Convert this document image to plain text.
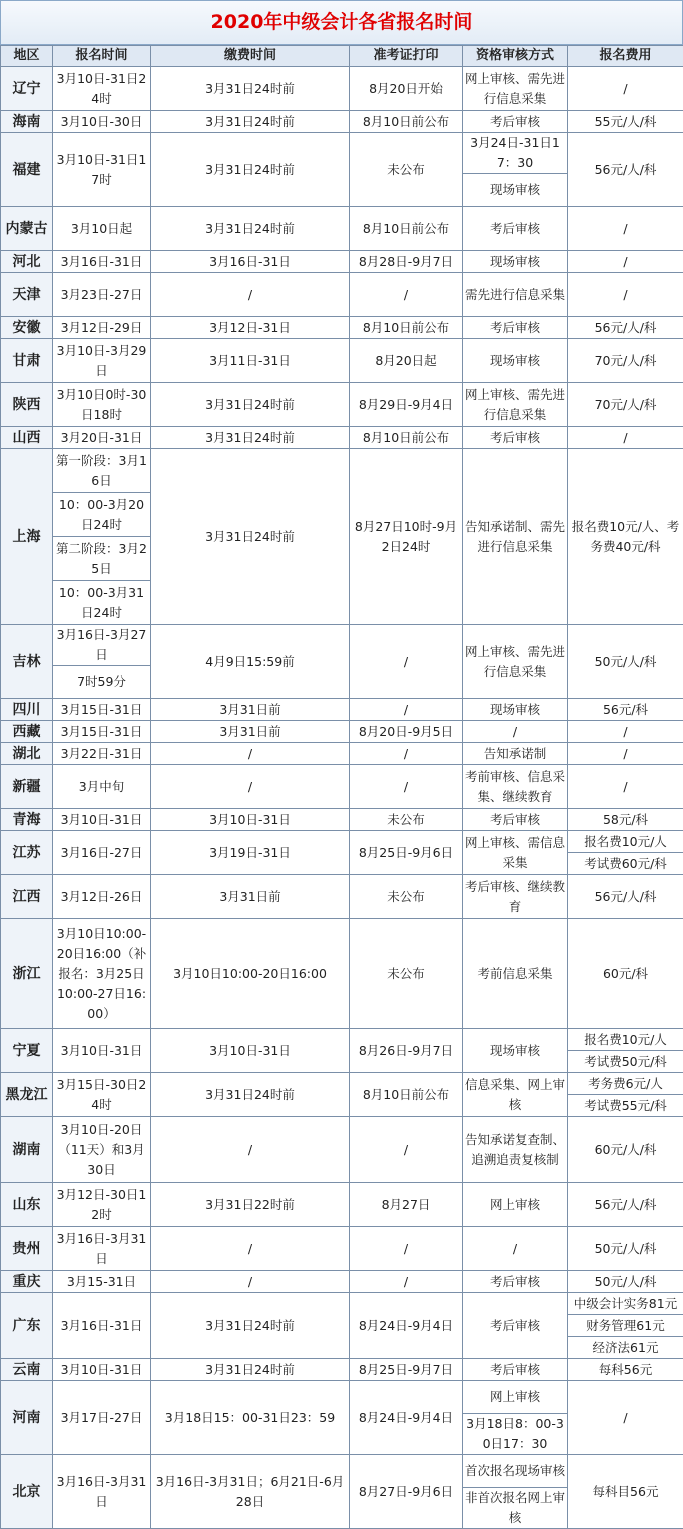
2020年中级会计各省报名时间
地区	报名时间	缴费时间	准考证打印	资格审核方式	报名费用
辽宁	3月10日-31日24时	3月31日24时前	8月20日开始	网上审核、需先进行信息采集	/
海南	3月10日-30日	3月31日24时前	8月10日前公布	考后审核	55元/人/科
福建	3月10日-31日17时	3月31日24时前	未公布	3月24日-31日17：30	56元/人/科
				现场审核	
内蒙古	3月10日起	3月31日24时前	8月10日前公布	考后审核	/
河北	3月16日-31日	3月16日-31日	8月28日-9月7日	现场审核	/
天津	3月23日-27日	/	/	需先进行信息采集	/
安徽	3月12日-29日	3月12日-31日	8月10日前公布	考后审核	56元/人/科
甘肃	3月10日-3月29日	3月11日-31日	8月20日起	现场审核	70元/人/科
陕西	3月10日0时-30日18时	3月31日24时前	8月29日-9月4日	网上审核、需先进行信息采集	70元/人/科
山西	3月20日-31日	3月31日24时前	8月10日前公布	考后审核	/
上海	第一阶段：3月16日	3月31日24时前	8月27日10时-9月2日24时	告知承诺制、需先进行信息采集	报名费10元/人、考务费40元/科
	10：00-3月20日24时				
	第二阶段：3月25日				
	10：00-3月31日24时				
吉林	3月16日-3月27日	4月9日15:59前	/	网上审核、需先进行信息采集	50元/人/科
	7时59分				
四川	3月15日-31日	3月31日前	/	现场审核	56元/科
西藏	3月15日-31日	3月31日前	8月20日-9月5日	/	/
湖北	3月22日-31日	/	/	告知承诺制	/
新疆	3月中旬	/	/	考前审核、信息采集、继续教育	/
青海	3月10日-31日	3月10日-31日	未公布	考后审核	58元/科
江苏	3月16日-27日	3月19日-31日	8月25日-9月6日	网上审核、需信息采集	报名费10元/人
					考试费60元/科
江西	3月12日-26日	3月31日前	未公布	考后审核、继续教育	56元/人/科
浙江	3月10日10:00-20日16:00（补报名：3月25日10:00-27日16:00）	3月10日10:00-20日16:00	未公布	考前信息采集	60元/科
宁夏	3月10日-31日	3月10日-31日	8月26日-9月7日	现场审核	报名费10元/人
					考试费50元/科
黑龙江	3月15日-30日24时	3月31日24时前	8月10日前公布	信息采集、网上审核	考务费6元/人
					考试费55元/科
湖南	3月10日-20日（11天）和3月30日	/	/	告知承诺复查制、追溯追责复核制	60元/人/科
山东	3月12日-30日12时	3月31日22时前	8月27日	网上审核	56元/人/科
贵州	3月16日-3月31日	/	/	/	50元/人/科
重庆	3月15-31日	/	/	考后审核	50元/人/科
广东	3月16日-31日	3月31日24时前	8月24日-9月4日	考后审核	中级会计实务81元
					财务管理61元
					经济法61元
云南	3月10日-31日	3月31日24时前	8月25日-9月7日	考后审核	每科56元
河南	3月17日-27日	3月18日15：00-31日23：59	8月24日-9月4日	网上审核	/
				3月18日8：00-30日17：30	
北京	3月16日-3月31日	3月16日-3月31日；6月21日-6月28日	8月27日-9月6日	首次报名现场审核	每科目56元
				非首次报名网上审核	
